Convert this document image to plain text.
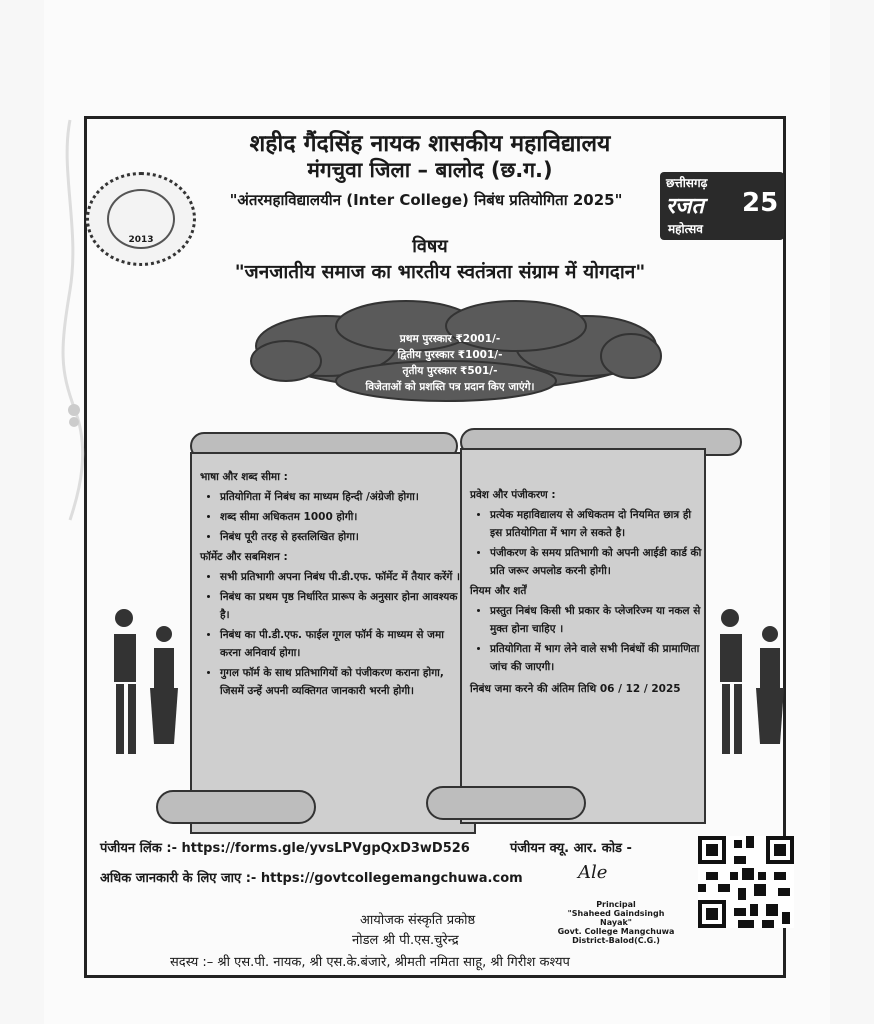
2013
छत्तीसगढ़
रजत
महोत्सव
25
शहीद गैंदसिंह नायक शासकीय महाविद्यालय
मंगचुवा जिला – बालोद (छ.ग.)
"अंतरमहाविद्यालयीन (Inter College) निबंध प्रतियोगिता 2025"
विषय
"जनजातीय समाज का भारतीय स्वतंत्रता संग्राम में योगदान"
प्रथम पुरस्कार ₹2001/-
द्वितीय पुरस्कार ₹1001/-
तृतीय पुरस्कार ₹501/-
विजेताओं को प्रशस्ति पत्र प्रदान किए जाएंगे।
भाषा और शब्द सीमा :
• प्रतियोगिता में निबंध का माध्यम हिन्दी /अंग्रेजी होगा।
• शब्द सीमा अधिकतम 1000 होगी।
• निबंध पूरी तरह से हस्तलिखित होगा।
फॉर्मेट और सबमिशन :
• सभी प्रतिभागी अपना निबंध पी.डी.एफ. फॉर्मेट में तैयार करेंगें ।
• निबंध का प्रथम पृष्ठ निर्धारित प्रारूप के अनुसार होना आवश्यक है।
• निबंध का पी.डी.एफ. फाईल गूगल फॉर्म के माध्यम से जमा करना अनिवार्य होगा।
• गुगल फॉर्म के साथ प्रतिभागियों को पंजीकरण कराना होगा, जिसमें उन्हें अपनी व्यक्तिगत जानकारी भरनी होगी।
प्रवेश और पंजीकरण :
• प्रत्येक महाविद्यालय से अधिकतम दो नियमित छात्र ही इस प्रतियोगिता में भाग ले सकते है।
• पंजीकरण के समय प्रतिभागी को अपनी आईडी कार्ड की प्रति जरूर अपलोड करनी होगी।
नियम और शर्तें
• प्रस्तुत निबंध किसी भी प्रकार के प्लेजरिज्म या नकल से मुक्त होना चाहिए ।
• प्रतियोगिता में भाग लेने वाले सभी निबंधों की प्रामाणिता जांच की जाएगी।
निबंध जमा करने की अंतिम तिथि 06 / 12 / 2025
पंजीयन लिंक :- https://forms.gle/yvsLPVgpQxD3wD526	पंजीयन क्यू. आर. कोड -
अधिक जानकारी के लिए जाए :- https://govtcollegemangchuwa.com
आयोजक संस्कृति प्रकोष्ठ
नोडल श्री पी.एस.चुरेन्द्र
सदस्य :– श्री एस.पी. नायक, श्री एस.के.बंजारे, श्रीमती नमिता साहू, श्री गिरीश कश्यप
Ale
Principal
"Shaheed Gaindsingh Nayak"
Govt. College Mangchuwa
District-Balod(C.G.)
